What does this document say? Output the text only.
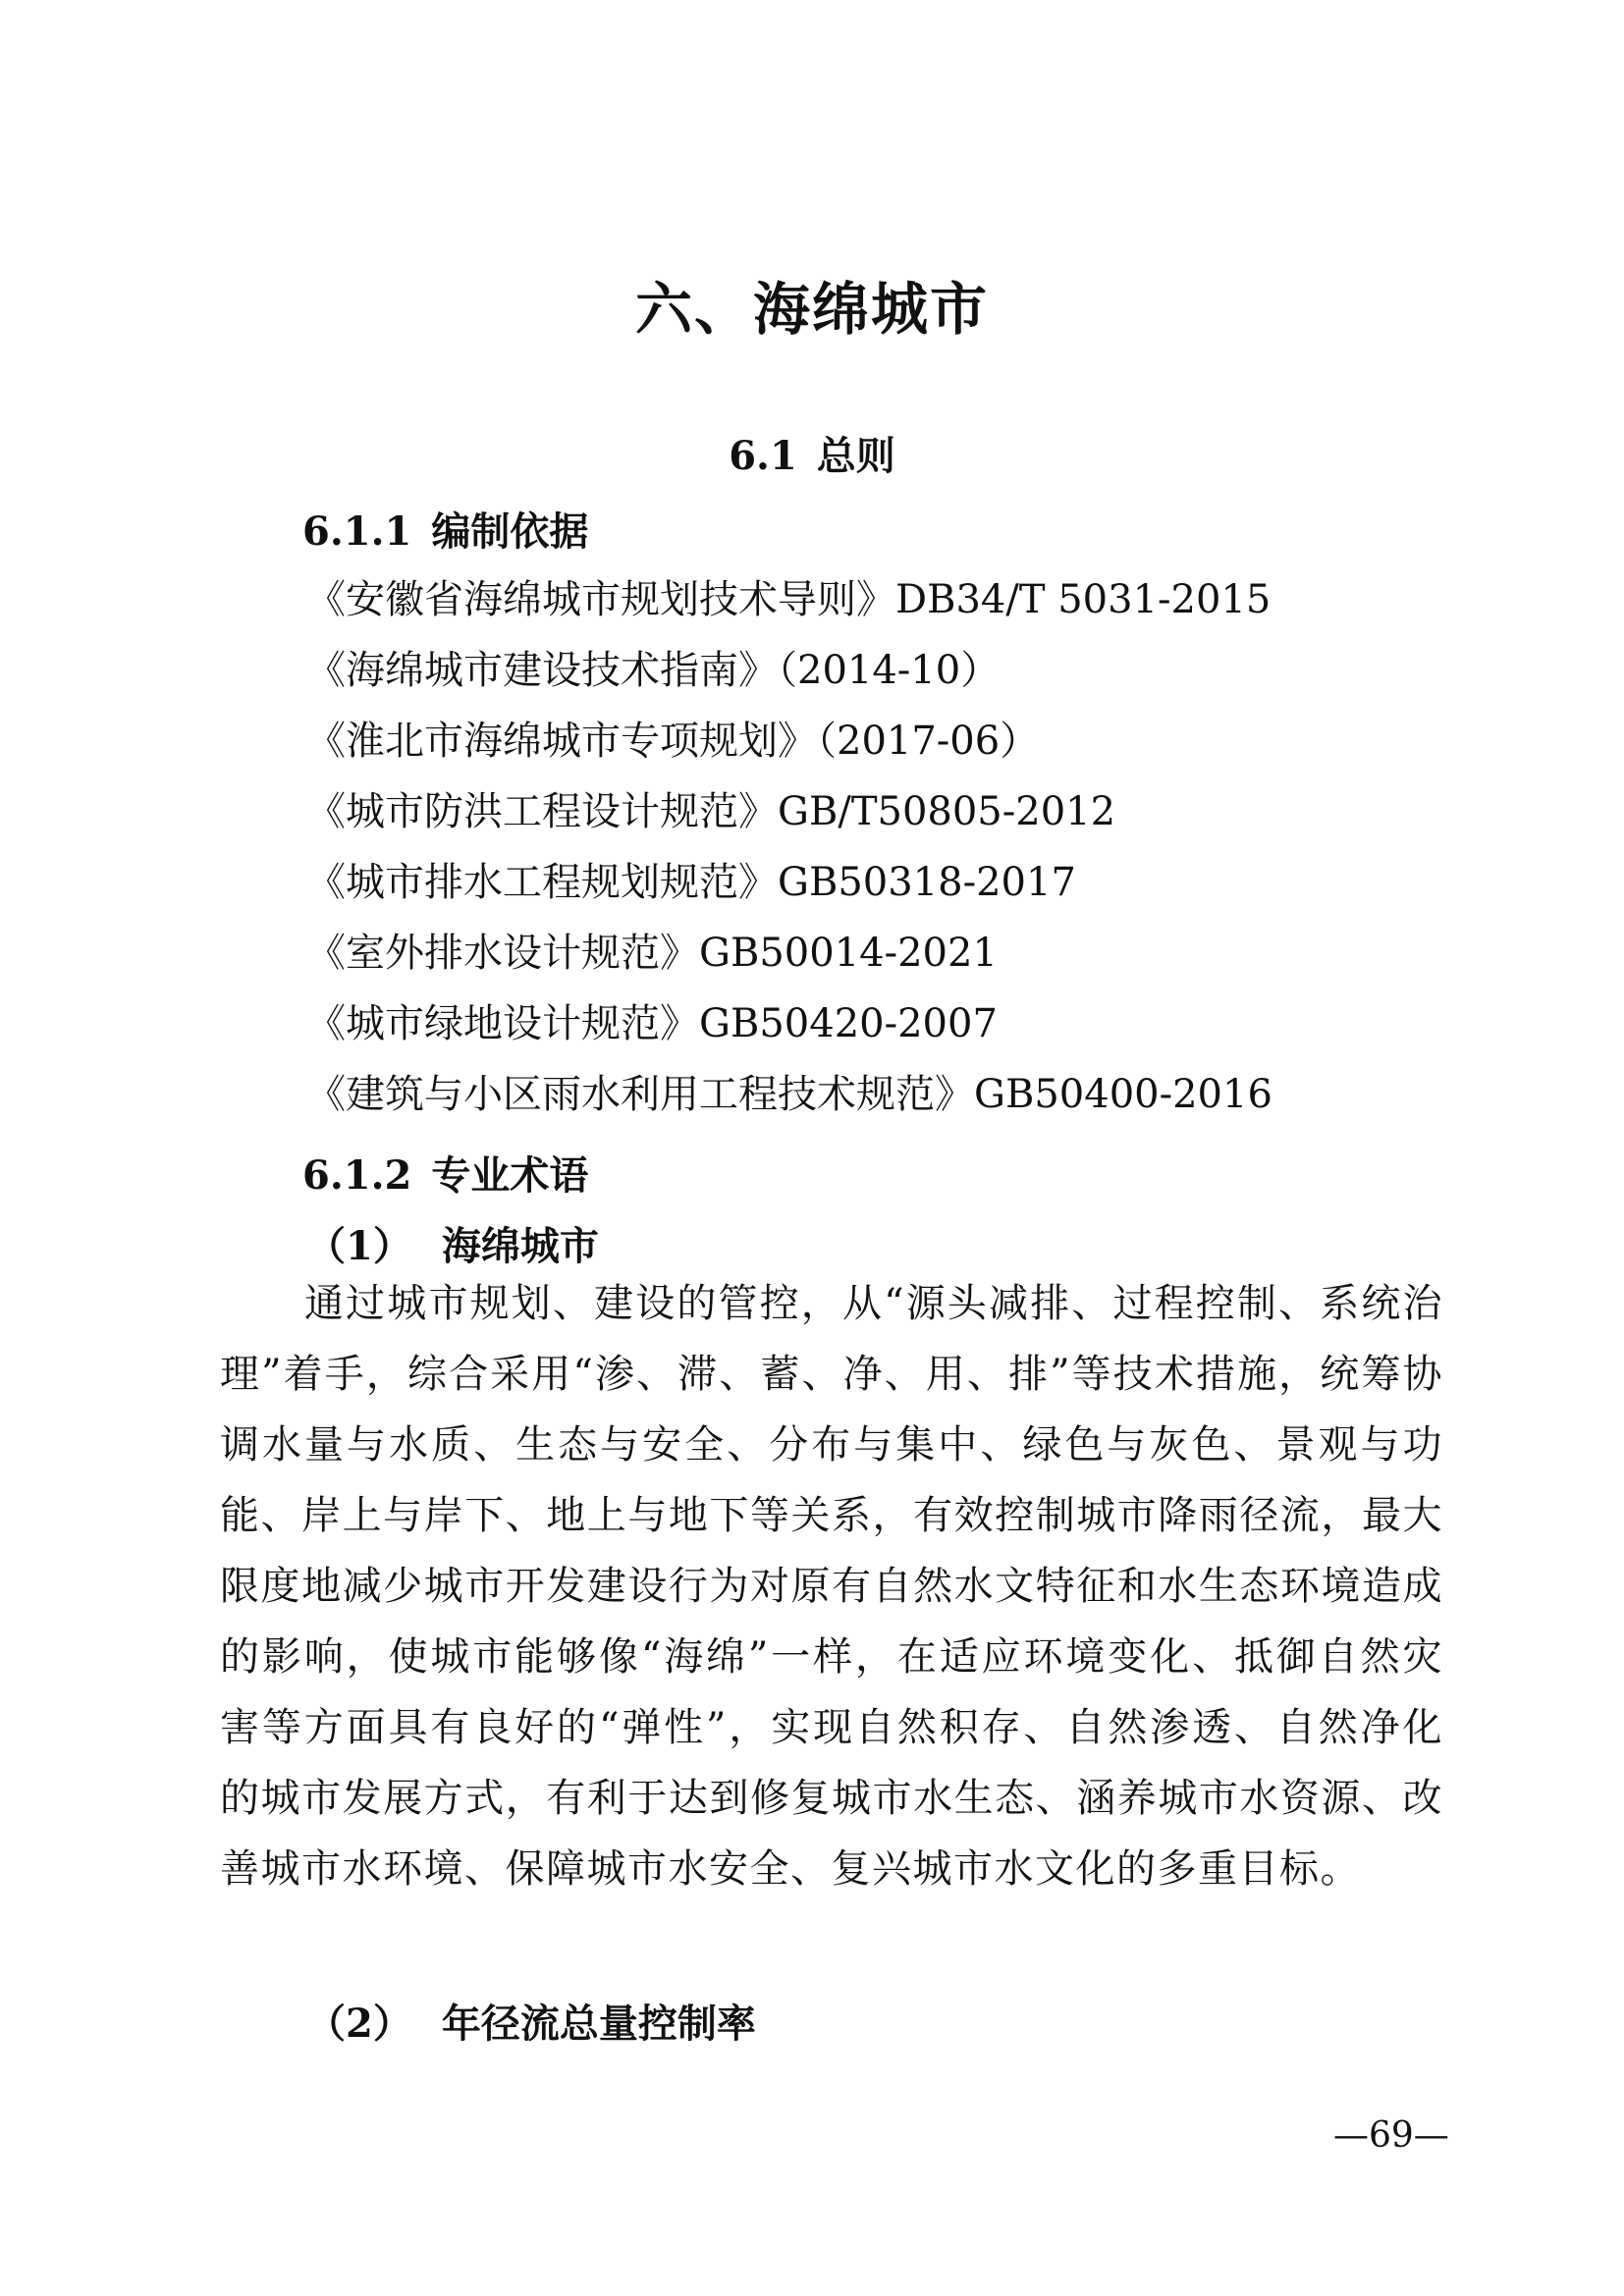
六、海绵城市
6.1 总则
6.1.1 编制依据
《安徽省海绵城市规划技术导则》DB34/T 5031-2015
《海绵城市建设技术指南》（2014-10）
《淮北市海绵城市专项规划》（2017-06）
《城市防洪工程设计规范》GB/T50805-2012
《城市排水工程规划规范》GB50318-2017
《室外排水设计规范》GB50014-2021
《城市绿地设计规范》GB50420-2007
《建筑与小区雨水利用工程技术规范》GB50400-2016
6.1.2 专业术语
（1） 海绵城市

通过城市规划、建设的管控，从“源头减排、过程控制、系统治理”着手，综合采用“渗、滞、蓄、净、用、排”等技术措施，统筹协调水量与水质、生态与安全、分布与集中、绿色与灰色、景观与功能、岸上与岸下、地上与地下等关系，有效控制城市降雨径流，最大限度地减少城市开发建设行为对原有自然水文特征和水生态环境造成的影响，使城市能够像“海绵”一样，在适应环境变化、抵御自然灾害等方面具有良好的“弹性”，实现自然积存、自然渗透、自然净化的城市发展方式，有利于达到修复城市水生态、涵养城市水资源、改善城市水环境、保障城市水安全、复兴城市水文化的多重目标。

（2） 年径流总量控制率
—69—
